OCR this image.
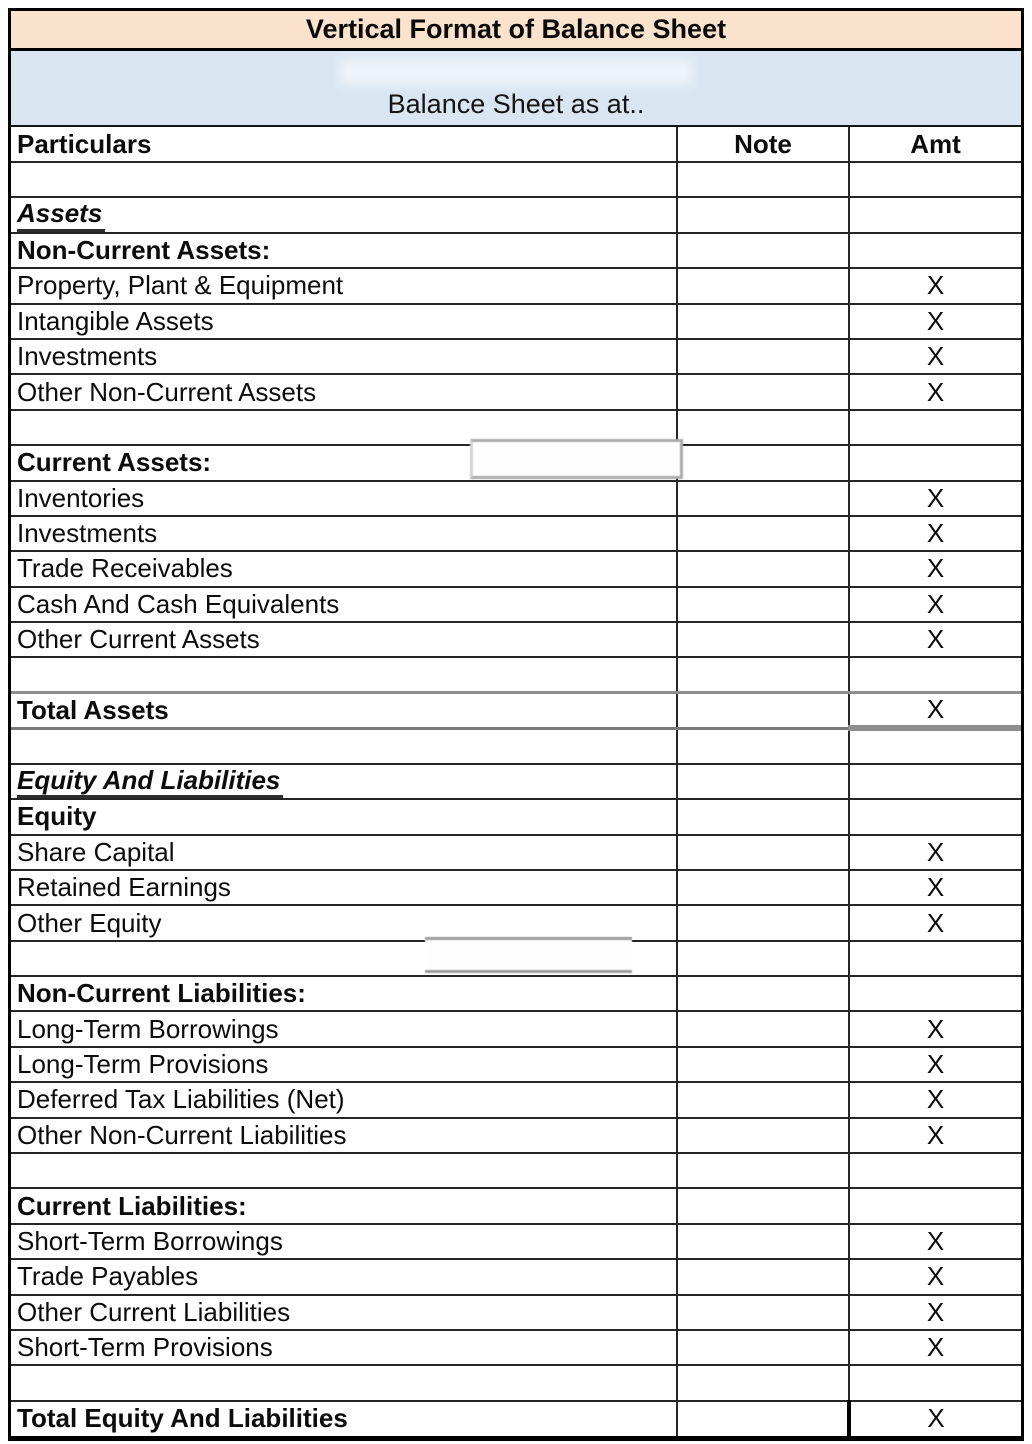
Vertical Format of Balance Sheet
Balance Sheet as at..
Particulars	Note	Amt

Assets		
Non-Current Assets:		
Property, Plant & Equipment		X
Intangible Assets		X
Investments		X
Other Non-Current Assets		X

Current Assets:		
Inventories		X
Investments		X
Trade Receivables		X
Cash And Cash Equivalents		X
Other Current Assets		X

Total Assets		X

Equity And Liabilities		
Equity		
Share Capital		X
Retained Earnings		X
Other Equity		X

Non-Current Liabilities:		
Long-Term Borrowings		X
Long-Term Provisions		X
Deferred Tax Liabilities (Net)		X
Other Non-Current Liabilities		X

Current Liabilities:		
Short-Term Borrowings		X
Trade Payables		X
Other Current Liabilities		X
Short-Term Provisions		X

Total Equity And Liabilities		X
